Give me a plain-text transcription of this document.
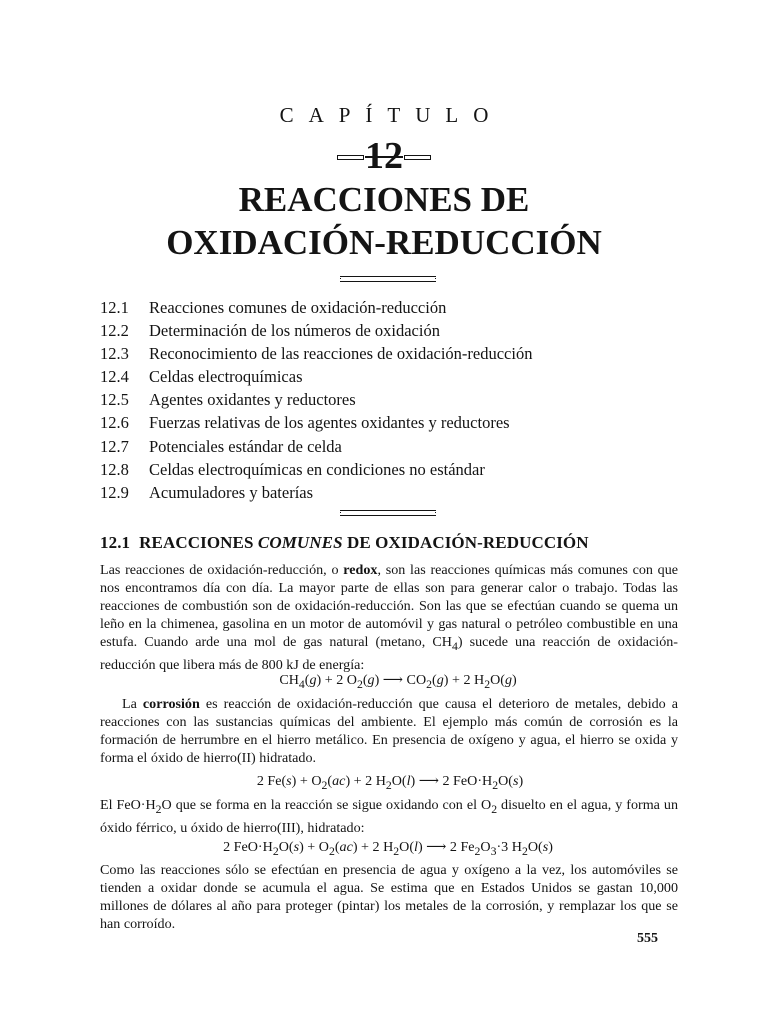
CAPÍTULO
12
REACCIONES DE
OXIDACIÓN-REDUCCIÓN
12.1	Reacciones comunes de oxidación-reducción
12.2	Determinación de los números de oxidación
12.3	Reconocimiento de las reacciones de oxidación-reducción
12.4	Celdas electroquímicas
12.5	Agentes oxidantes y reductores
12.6	Fuerzas relativas de los agentes oxidantes y reductores
12.7	Potenciales estándar de celda
12.8	Celdas electroquímicas en condiciones no estándar
12.9	Acumuladores y baterías
12.1 REACCIONES COMUNES DE OXIDACIÓN-REDUCCIÓN

Las reacciones de oxidación-reducción, o redox, son las reacciones químicas más comunes con que nos encontramos día con día. La mayor parte de ellas son para generar calor o trabajo. Todas las reacciones de combustión son de oxidación-reducción. Son las que se efectúan cuando se quema un leño en la chimenea, gasolina en un motor de automóvil y gas natural o petróleo combustible en una estufa. Cuando arde una mol de gas natural (metano, $CH_4$) sucede una reacción de oxidación-reducción que libera más de 800 kJ de energía:

$CH_4(g) + 2$ $O_2(g)$ ⟶ $CO_2(g) + 2$ $H_2O(g)$

La corrosión es reacción de oxidación-reducción que causa el deterioro de metales, debido a reacciones con las sustancias químicas del ambiente. El ejemplo más común de corrosión es la formación de herrumbre en el hierro metálico. En presencia de oxígeno y agua, el hierro se oxida y forma el óxido de hierro(II) hidratado.

2 $Fe(s) + O_2(ac) + 2$ $H_2O(l)$ ⟶ 2 $FeO\cdot H_2O(s)$

El $FeO\cdot H_2O$ que se forma en la reacción se sigue oxidando con el $O_2$ disuelto en el agua, y forma un óxido férrico, u óxido de hierro(III), hidratado:

2 $FeO\cdot H_2O(s) + O_2(ac) + 2$ $H_2O(l)$ ⟶ 2 $Fe_2O_3\cdot 3$ $H_2O(s)$

Como las reacciones sólo se efectúan en presencia de agua y oxígeno a la vez, los automóviles se tienden a oxidar donde se acumula el agua. Se estima que en Estados Unidos se gastan 10,000 millones de dólares al año para proteger (pintar) los metales de la corrosión, y remplazar los que se han corroído.

555
